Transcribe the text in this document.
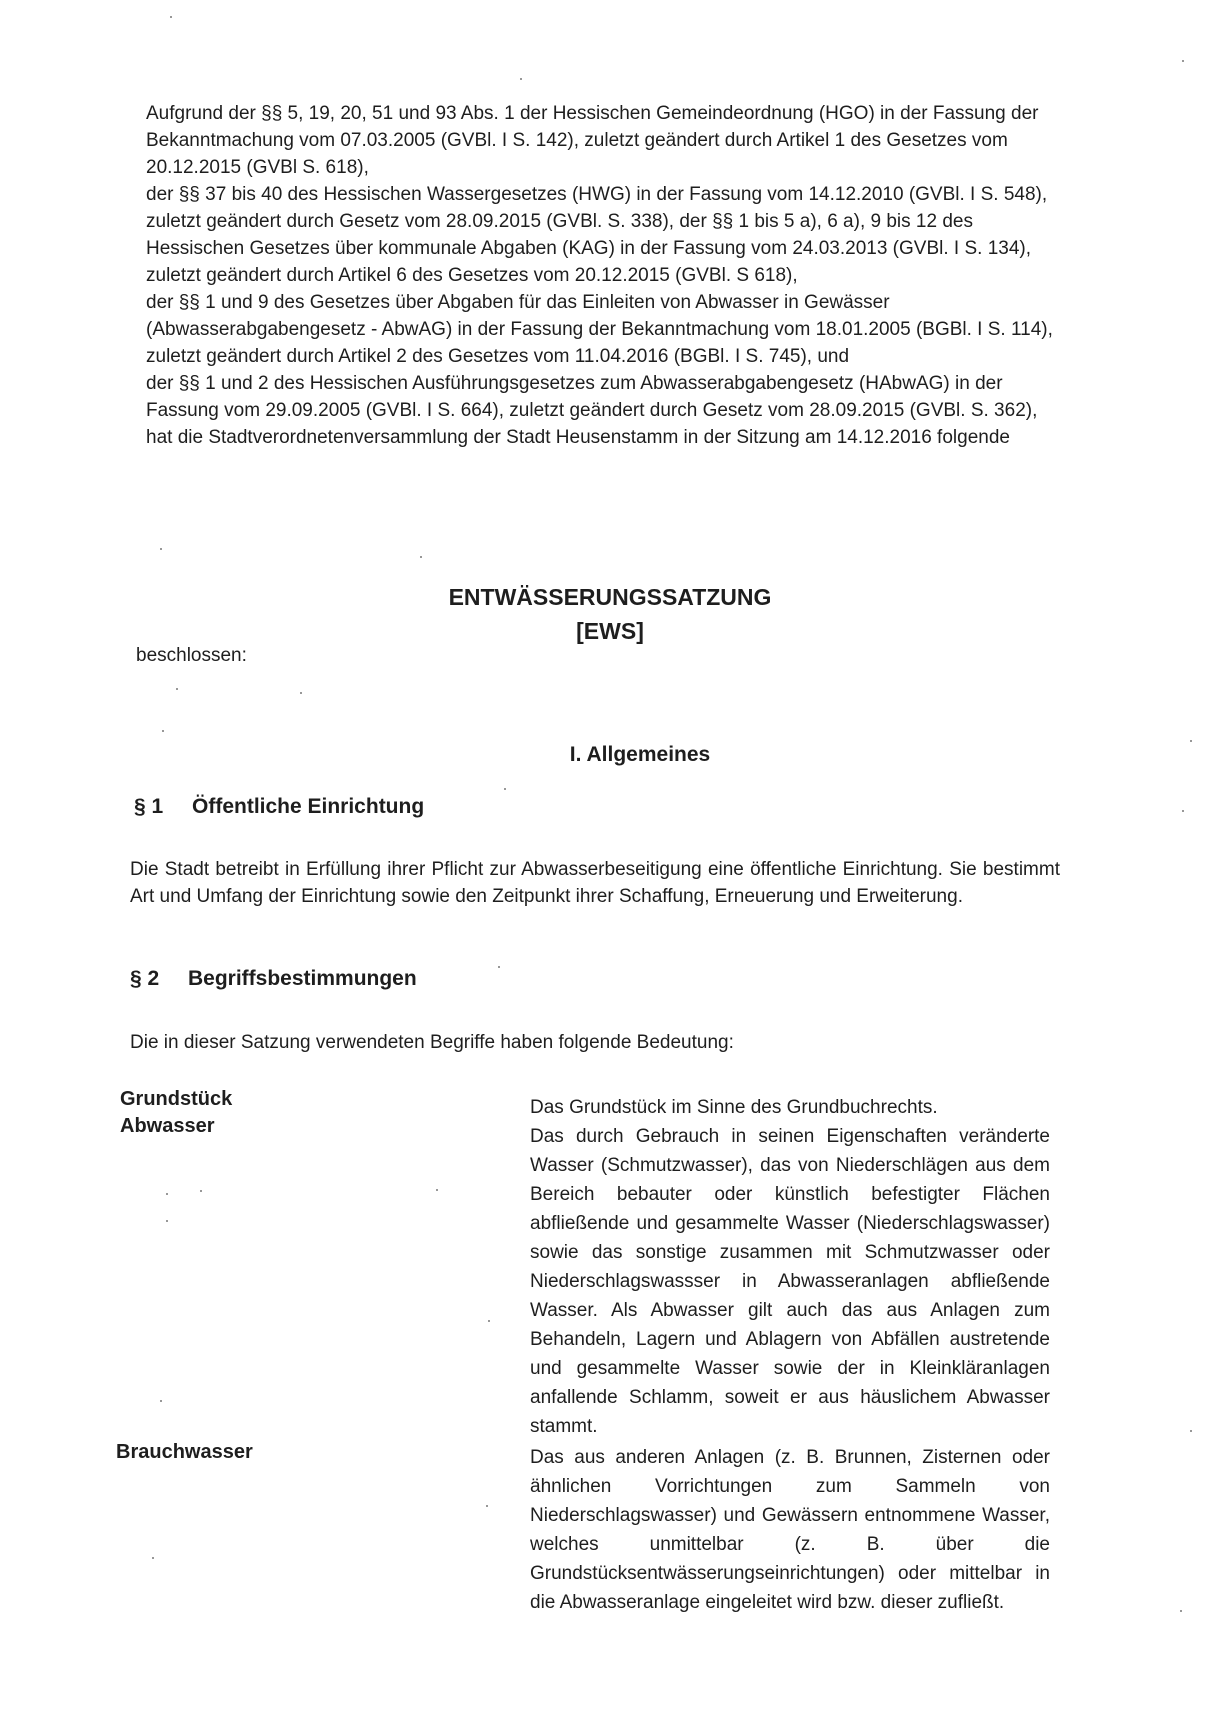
Aufgrund der §§ 5, 19, 20, 51 und 93 Abs. 1 der Hessischen Gemeindeordnung (HGO) in der Fassung der Bekanntmachung vom 07.03.2005 (GVBl. I S. 142), zuletzt geändert durch Artikel 1 des Gesetzes vom 20.12.2015 (GVBl S. 618),

der §§ 37 bis 40 des Hessischen Wassergesetzes (HWG) in der Fassung vom 14.12.2010 (GVBl. I S. 548), zuletzt geändert durch Gesetz vom 28.09.2015 (GVBl. S. 338), der §§ 1 bis 5 a), 6 a), 9 bis 12 des Hessischen Gesetzes über kommunale Abgaben (KAG) in der Fassung vom 24.03.2013 (GVBl. I S. 134), zuletzt geändert durch Artikel 6 des Gesetzes vom 20.12.2015 (GVBl. S 618),

der §§ 1 und 9 des Gesetzes über Abgaben für das Einleiten von Abwasser in Gewässer (Abwasserabgabengesetz - AbwAG) in der Fassung der Bekanntmachung vom 18.01.2005 (BGBl. I S. 114), zuletzt geändert durch Artikel 2 des Gesetzes vom 11.04.2016 (BGBl. I S. 745), und

der §§ 1 und 2 des Hessischen Ausführungsgesetzes zum Abwasserabgabengesetz (HAbwAG) in der Fassung vom 29.09.2005 (GVBl. I S. 664), zuletzt geändert durch Gesetz vom 28.09.2015 (GVBl. S. 362),

hat die Stadtverordnetenversammlung der Stadt Heusenstamm in der Sitzung am 14.12.2016 folgende

ENTWÄSSERUNGSSATZUNG
[EWS]
beschlossen:
I. Allgemeines
§ 1 Öffentliche Einrichtung

Die Stadt betreibt in Erfüllung ihrer Pflicht zur Abwasserbeseitigung eine öffentliche Einrichtung. Sie bestimmt Art und Umfang der Einrichtung sowie den Zeitpunkt ihrer Schaffung, Erneuerung und Erweiterung.

§ 2 Begriffsbestimmungen

Die in dieser Satzung verwendeten Begriffe haben folgende Bedeutung:

Grundstück	Das Grundstück im Sinne des Grundbuchrechts.

Abwasser	Das durch Gebrauch in seinen Eigenschaften veränderte Wasser (Schmutzwasser), das von Niederschlägen aus dem Bereich bebauter oder künstlich befestigter Flächen abfließende und gesammelte Wasser (Niederschlagswasser) sowie das sonstige zusammen mit Schmutzwasser oder Niederschlagswassser in Abwasseranlagen abfließende Wasser. Als Abwasser gilt auch das aus Anlagen zum Behandeln, Lagern und Ablagern von Abfällen austretende und gesammelte Wasser sowie der in Kleinkläranlagen anfallende Schlamm, soweit er aus häuslichem Abwasser stammt.

Brauchwasser	Das aus anderen Anlagen (z. B. Brunnen, Zisternen oder ähnlichen Vorrichtungen zum Sammeln von Niederschlagswasser) und Gewässern entnommene Wasser, welches unmittelbar (z. B. über die Grundstücksentwässerungseinrichtungen) oder mittelbar in die Abwasseranlage eingeleitet wird bzw. dieser zufließt.
